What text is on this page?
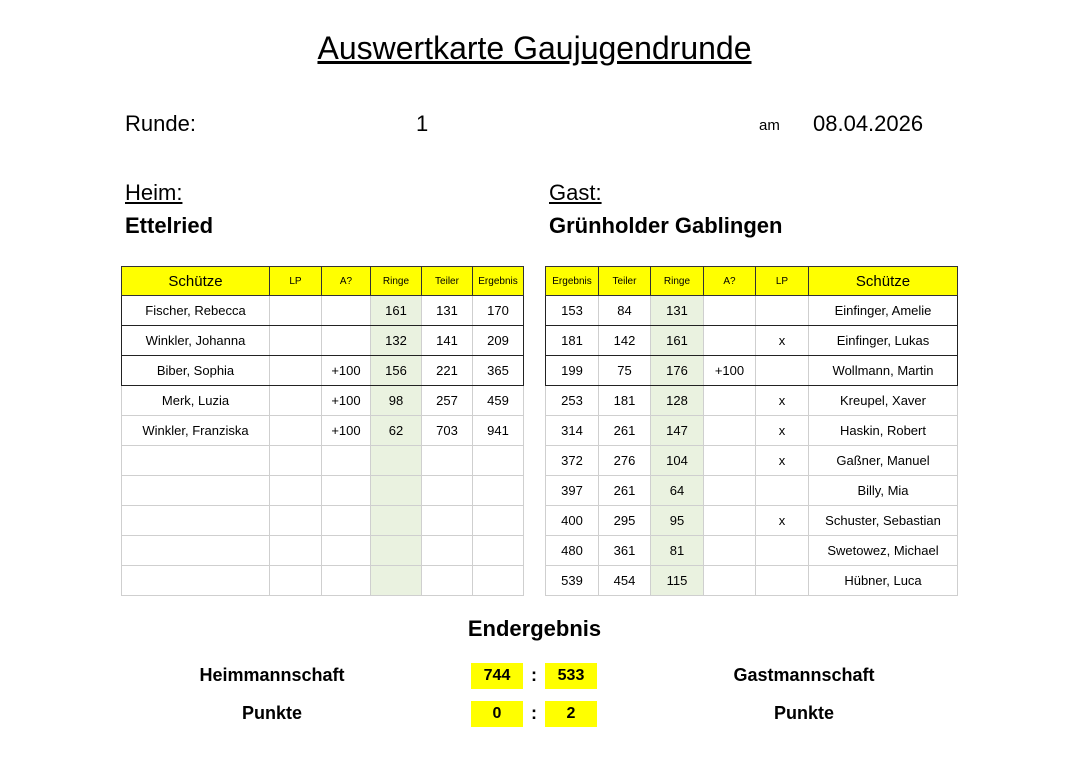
Auswertkarte Gaujugendrunde
Runde:	1	am 08.04.2026
Heim:
Ettelried
Gast:
Grünholder Gablingen
Schütze	LP	A?	Ringe	Teiler	Ergebnis
Fischer, Rebecca			161	131	170
Winkler, Johanna			132	141	209
Biber, Sophia		+100	156	221	365
Merk, Luzia		+100	98	257	459
Winkler, Franziska		+100	62	703	941

Ergebnis	Teiler	Ringe	A?	LP	Schütze
153	84	131			Einfinger, Amelie
181	142	161		x	Einfinger, Lukas
199	75	176	+100		Wollmann, Martin
253	181	128		x	Kreupel, Xaver
314	261	147		x	Haskin, Robert
372	276	104		x	Gaßner, Manuel
397	261	64			Billy, Mia
400	295	95		x	Schuster, Sebastian
480	361	81			Swetowez, Michael
539	454	115			Hübner, Luca
Endergebnis
Heimmannschaft	744	:	533	Gastmannschaft
Punkte	0	:	2	Punkte
